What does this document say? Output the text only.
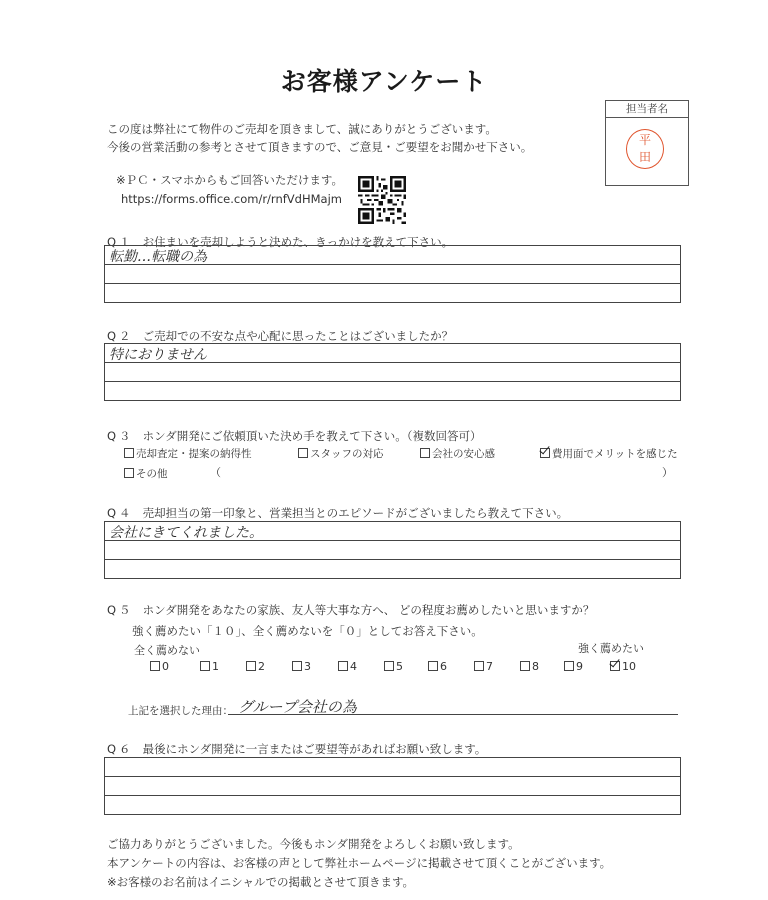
お客様アンケート
この度は弊社にて物件のご売却を頂きまして、誠にありがとうございます。
今後の営業活動の参考とさせて頂きますので、ご意見・ご要望をお聞かせ下さい。
※ＰＣ・スマホからもご回答いただけます。
https://forms.office.com/r/rnfVdHMajm
担当者名
平
田
Q１ お住まいを売却しようと決めた、きっかけを教えて下さい。
転勤…転職の為
Q２ ご売却での不安な点や心配に思ったことはございましたか？
特におりません
Q３ ホンダ開発にご依頼頂いた決め手を教えて下さい。（複数回答可）
売却査定・提案の納得性	スタッフの対応	会社の安心感	費用面でメリットを感じた
その他	（	）
Q４ 売却担当の第一印象と、営業担当とのエピソードがございましたら教えて下さい。
会社にきてくれました。
Q５ ホンダ開発をあなたの家族、友人等大事な方へ、 どの程度お薦めしたいと思いますか？
強く薦めたい「１０」、全く薦めないを「０」としてお答え下さい。
全く薦めない	強く薦めたい
0	1	2	3	4	5	6	7	8	9	10
上記を選択した理由： グループ会社の為
Q６ 最後にホンダ開発に一言またはご要望等があればお願い致します。
ご協力ありがとうございました。今後もホンダ開発をよろしくお願い致します。
本アンケートの内容は、お客様の声として弊社ホームページに掲載させて頂くことがございます。
※お客様のお名前はイニシャルでの掲載とさせて頂きます。
